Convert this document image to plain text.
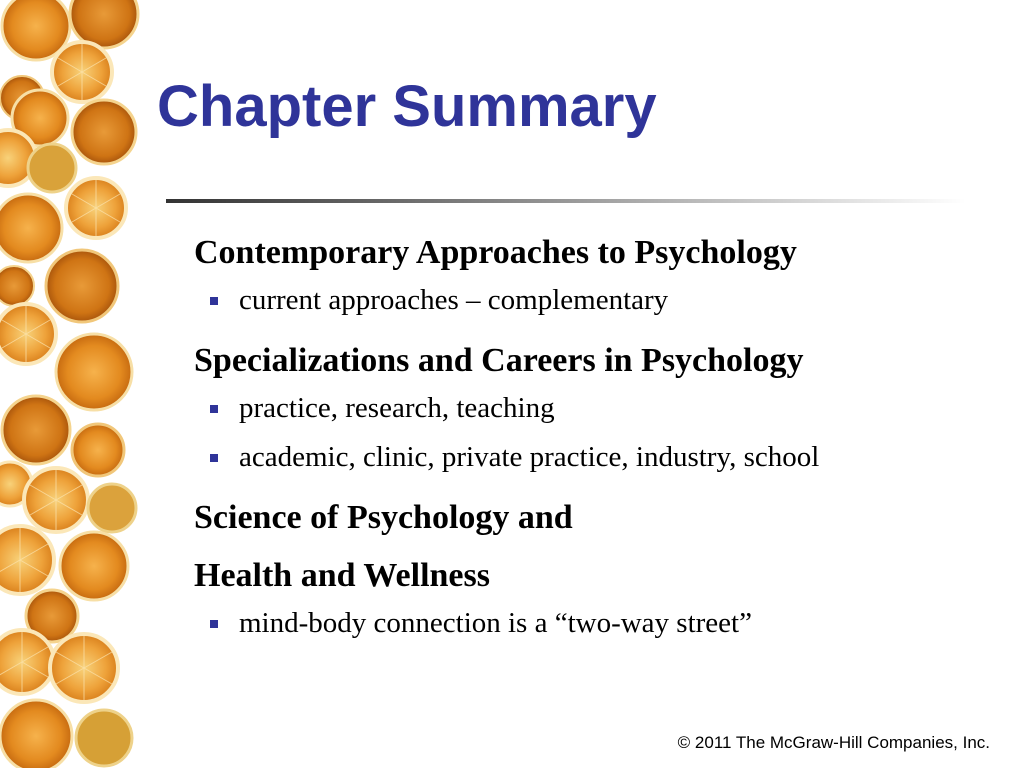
Chapter Summary

Contemporary Approaches to Psychology

current approaches – complementary

Specializations and Careers in Psychology

practice, research, teaching
academic, clinic, private practice, industry, school

Science of Psychology and

Health and Wellness

mind-body connection is a “two-way street”
© 2011 The McGraw-Hill Companies, Inc.
